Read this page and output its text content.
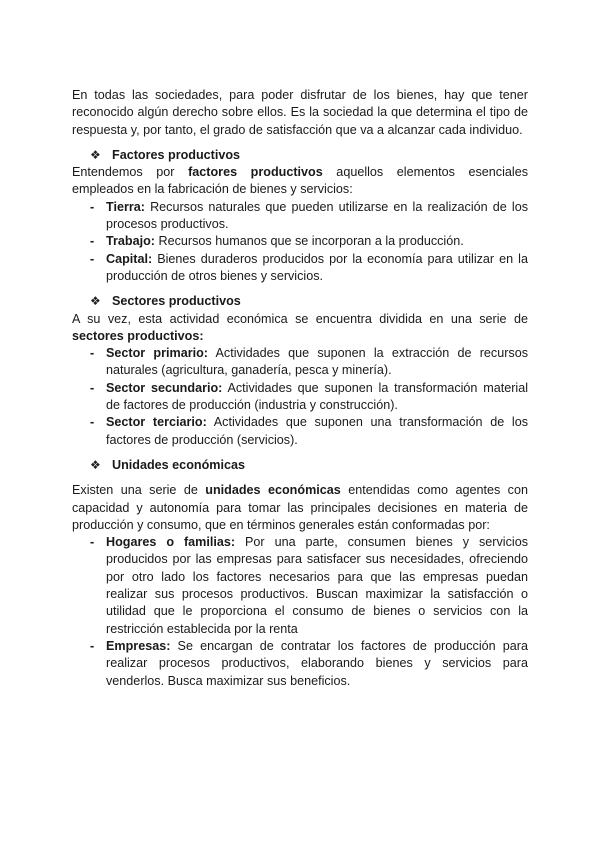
En todas las sociedades, para poder disfrutar de los bienes, hay que tener reconocido algún derecho sobre ellos. Es la sociedad la que determina el tipo de respuesta y, por tanto, el grado de satisfacción que va a alcanzar cada individuo.

❖ Factores productivos

Entendemos por factores productivos aquellos elementos esenciales empleados en la fabricación de bienes y servicios:

- Tierra: Recursos naturales que pueden utilizarse en la realización de los procesos productivos.
- Trabajo: Recursos humanos que se incorporan a la producción.
- Capital: Bienes duraderos producidos por la economía para utilizar en la producción de otros bienes y servicios.
❖ Sectores productivos

A su vez, esta actividad económica se encuentra dividida en una serie de sectores productivos:

- Sector primario: Actividades que suponen la extracción de recursos naturales (agricultura, ganadería, pesca y minería).
- Sector secundario: Actividades que suponen la transformación material de factores de producción (industria y construcción).
- Sector terciario: Actividades que suponen una transformación de los factores de producción (servicios).
❖ Unidades económicas

Existen una serie de unidades económicas entendidas como agentes con capacidad y autonomía para tomar las principales decisiones en materia de producción y consumo, que en términos generales están conformadas por:

- Hogares o familias: Por una parte, consumen bienes y servicios producidos por las empresas para satisfacer sus necesidades, ofreciendo por otro lado los factores necesarios para que las empresas puedan realizar sus procesos productivos. Buscan maximizar la satisfacción o utilidad que le proporciona el consumo de bienes o servicios con la restricción establecida por la renta
- Empresas: Se encargan de contratar los factores de producción para realizar procesos productivos, elaborando bienes y servicios para venderlos. Busca maximizar sus beneficios.
